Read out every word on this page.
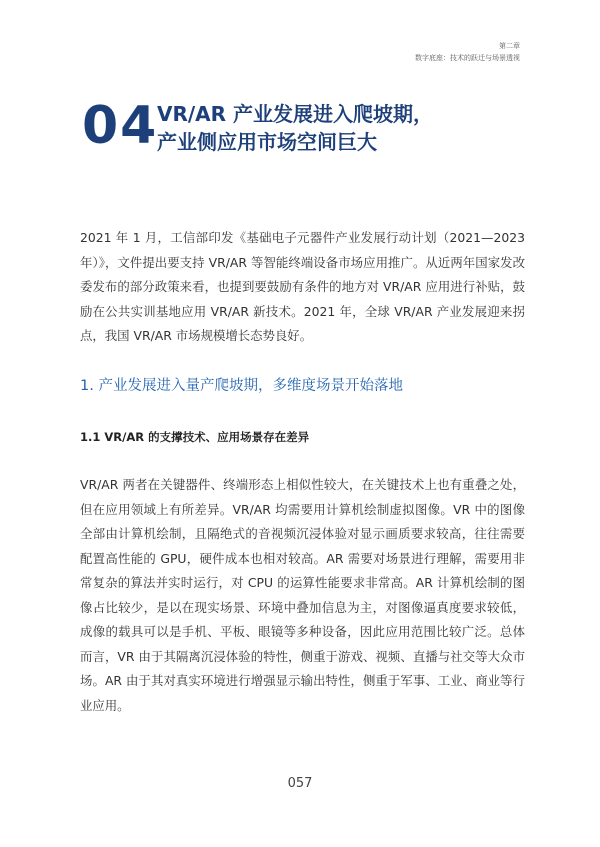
第二章
数字底座：技术的跃迁与场景透视
04
VR/AR 产业发展进入爬坡期，
产业侧应用市场空间巨大

2021 年 1 月，工信部印发《基础电子元器件产业发展行动计划（2021—2023 年）》，文件提出要支持 VR/AR 等智能终端设备市场应用推广。从近两年国家发改委发布的部分政策来看，也提到要鼓励有条件的地方对 VR/AR 应用进行补贴，鼓励在公共实训基地应用 VR/AR 新技术。2021 年，全球 VR/AR 产业发展迎来拐点，我国 VR/AR 市场规模增长态势良好。

1. 产业发展进入量产爬坡期，多维度场景开始落地
1.1 VR/AR 的支撑技术、应用场景存在差异

VR/AR 两者在关键器件、终端形态上相似性较大，在关键技术上也有重叠之处，但在应用领域上有所差异。VR/AR 均需要用计算机绘制虚拟图像。VR 中的图像全部由计算机绘制，且隔绝式的音视频沉浸体验对显示画质要求较高，往往需要配置高性能的 GPU，硬件成本也相对较高。AR 需要对场景进行理解，需要用非常复杂的算法并实时运行，对 CPU 的运算性能要求非常高。AR 计算机绘制的图像占比较少，是以在现实场景、环境中叠加信息为主，对图像逼真度要求较低，成像的载具可以是手机、平板、眼镜等多种设备，因此应用范围比较广泛。总体而言，VR 由于其隔离沉浸体验的特性，侧重于游戏、视频、直播与社交等大众市场。AR 由于其对真实环境进行增强显示输出特性，侧重于军事、工业、商业等行业应用。

057
